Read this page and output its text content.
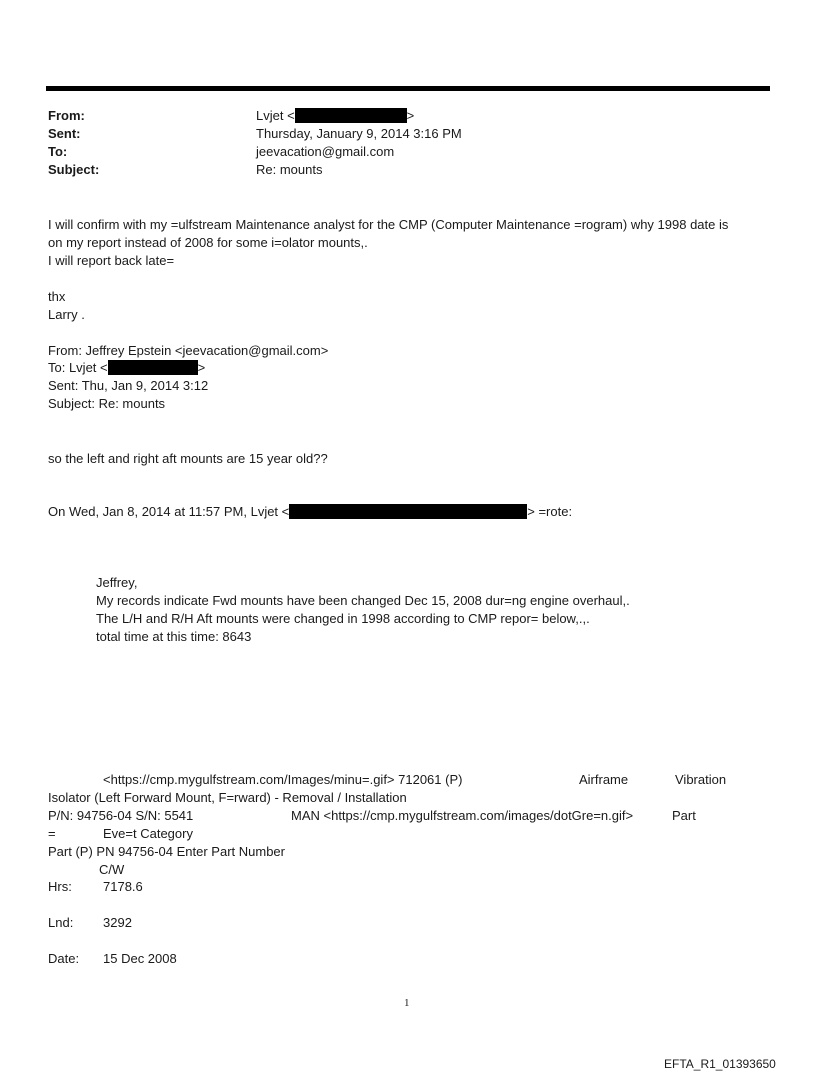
From:	Lvjet <	>
Sent:	Thursday, January 9, 2014 3:16 PM
To:	jeevacation@gmail.com
Subject:	Re: mounts
I will confirm with my =ulfstream Maintenance analyst for the CMP (Computer Maintenance =rogram) why 1998 date is
on my report instead of 2008 for some i=olator mounts,.
I will report back late=
thx
Larry .
From: Jeffrey Epstein <jeevacation@gmail.com>
To: Lvjet <	>
Sent: Thu, Jan 9, 2014 3:12
Subject: Re: mounts
so the left and right aft mounts are 15 year old??
On Wed, Jan 8, 2014 at 11:57 PM, Lvjet <	> =rote:
Jeffrey,
My records indicate Fwd mounts have been changed Dec 15, 2008 dur=ng engine overhaul,.
The L/H and R/H Aft mounts were changed in 1998 according to CMP repor= below,.,.
total time at this time: 8643
<https://cmp.mygulfstream.com/Images/minu=.gif> 712061 (P)	Airframe	Vibration
Isolator (Left Forward Mount, F=rward) - Removal / Installation
P/N: 94756-04 S/N: 5541	MAN <https://cmp.mygulfstream.com/images/dotGre=n.gif>	Part
=	Eve=t Category
Part (P) PN 94756-04 Enter Part Number
C/W
Hrs: 7178.6
Lnd: 3292
Date: 15 Dec 2008
1
EFTA_R1_01393650
